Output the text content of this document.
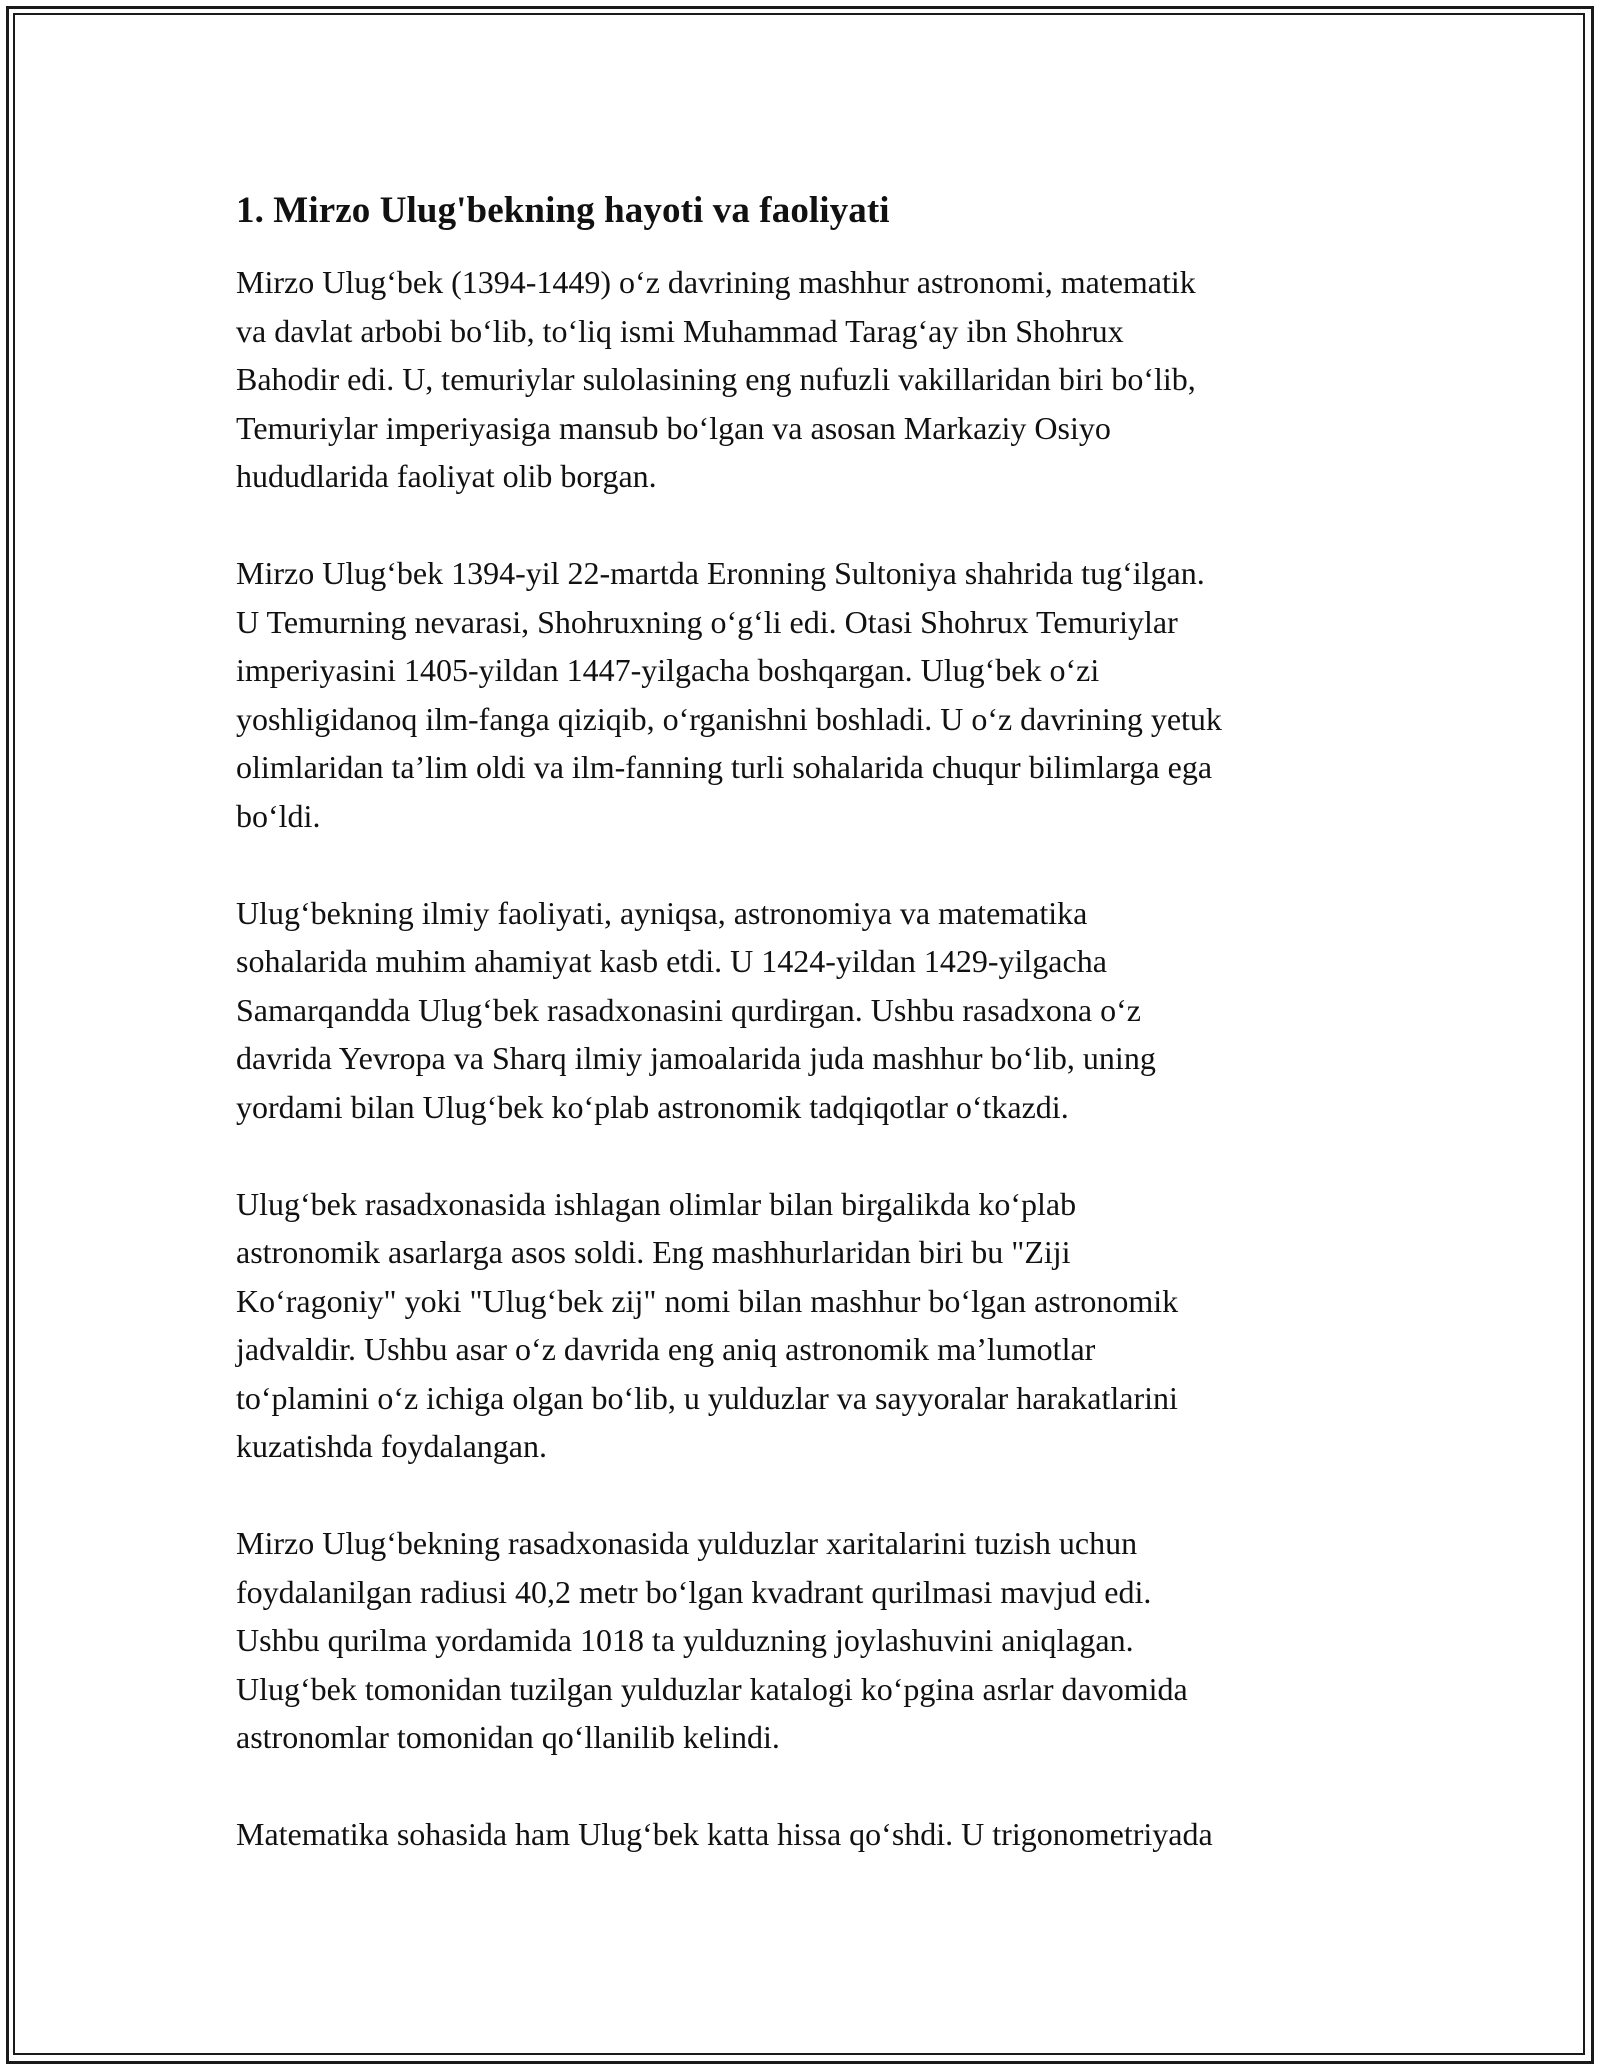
1. Mirzo Ulug'bekning hayoti va faoliyati
Mirzo Ulug‘bek (1394-1449) o‘z davrining mashhur astronomi, matematik
va davlat arbobi bo‘lib, to‘liq ismi Muhammad Tarag‘ay ibn Shohrux
Bahodir edi. U, temuriylar sulolasining eng nufuzli vakillaridan biri bo‘lib,
Temuriylar imperiyasiga mansub bo‘lgan va asosan Markaziy Osiyo
hududlarida faoliyat olib borgan.
Mirzo Ulug‘bek 1394-yil 22-martda Eronning Sultoniya shahrida tug‘ilgan.
U Temurning nevarasi, Shohruxning o‘g‘li edi. Otasi Shohrux Temuriylar
imperiyasini 1405-yildan 1447-yilgacha boshqargan. Ulug‘bek o‘zi
yoshligidanoq ilm-fanga qiziqib, o‘rganishni boshladi. U o‘z davrining yetuk
olimlaridan ta’lim oldi va ilm-fanning turli sohalarida chuqur bilimlarga ega
bo‘ldi.
Ulug‘bekning ilmiy faoliyati, ayniqsa, astronomiya va matematika
sohalarida muhim ahamiyat kasb etdi. U 1424-yildan 1429-yilgacha
Samarqandda Ulug‘bek rasadxonasini qurdirgan. Ushbu rasadxona o‘z
davrida Yevropa va Sharq ilmiy jamoalarida juda mashhur bo‘lib, uning
yordami bilan Ulug‘bek ko‘plab astronomik tadqiqotlar o‘tkazdi.
Ulug‘bek rasadxonasida ishlagan olimlar bilan birgalikda ko‘plab
astronomik asarlarga asos soldi. Eng mashhurlaridan biri bu "Ziji
Ko‘ragoniy" yoki "Ulug‘bek zij" nomi bilan mashhur bo‘lgan astronomik
jadvaldir. Ushbu asar o‘z davrida eng aniq astronomik ma’lumotlar
to‘plamini o‘z ichiga olgan bo‘lib, u yulduzlar va sayyoralar harakatlarini
kuzatishda foydalangan.
Mirzo Ulug‘bekning rasadxonasida yulduzlar xaritalarini tuzish uchun
foydalanilgan radiusi 40,2 metr bo‘lgan kvadrant qurilmasi mavjud edi.
Ushbu qurilma yordamida 1018 ta yulduzning joylashuvini aniqlagan.
Ulug‘bek tomonidan tuzilgan yulduzlar katalogi ko‘pgina asrlar davomida
astronomlar tomonidan qo‘llanilib kelindi.
Matematika sohasida ham Ulug‘bek katta hissa qo‘shdi. U trigonometriyada
